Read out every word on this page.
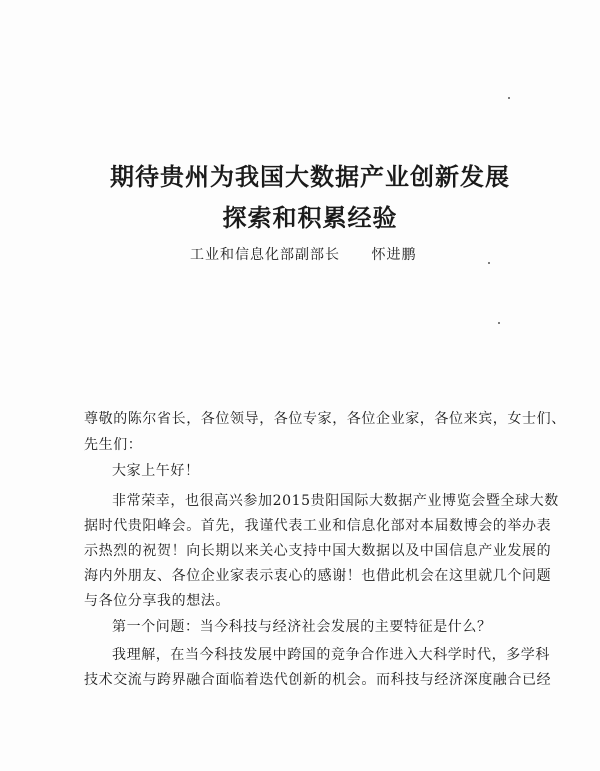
期待贵州为我国大数据产业创新发展
探索和积累经验
工业和信息化部副部长 怀进鹏
尊敬的陈尔省长，各位领导，各位专家，各位企业家，各位来宾，女士们、
先生们：
大家上午好！
非常荣幸，也很高兴参加2015贵阳国际大数据产业博览会暨全球大数
据时代贵阳峰会。首先，我谨代表工业和信息化部对本届数博会的举办表
示热烈的祝贺！向长期以来关心支持中国大数据以及中国信息产业发展的
海内外朋友、各位企业家表示衷心的感谢！也借此机会在这里就几个问题
与各位分享我的想法。
第一个问题：当今科技与经济社会发展的主要特征是什么？
我理解，在当今科技发展中跨国的竞争合作进入大科学时代，多学科
技术交流与跨界融合面临着迭代创新的机会。而科技与经济深度融合已经
